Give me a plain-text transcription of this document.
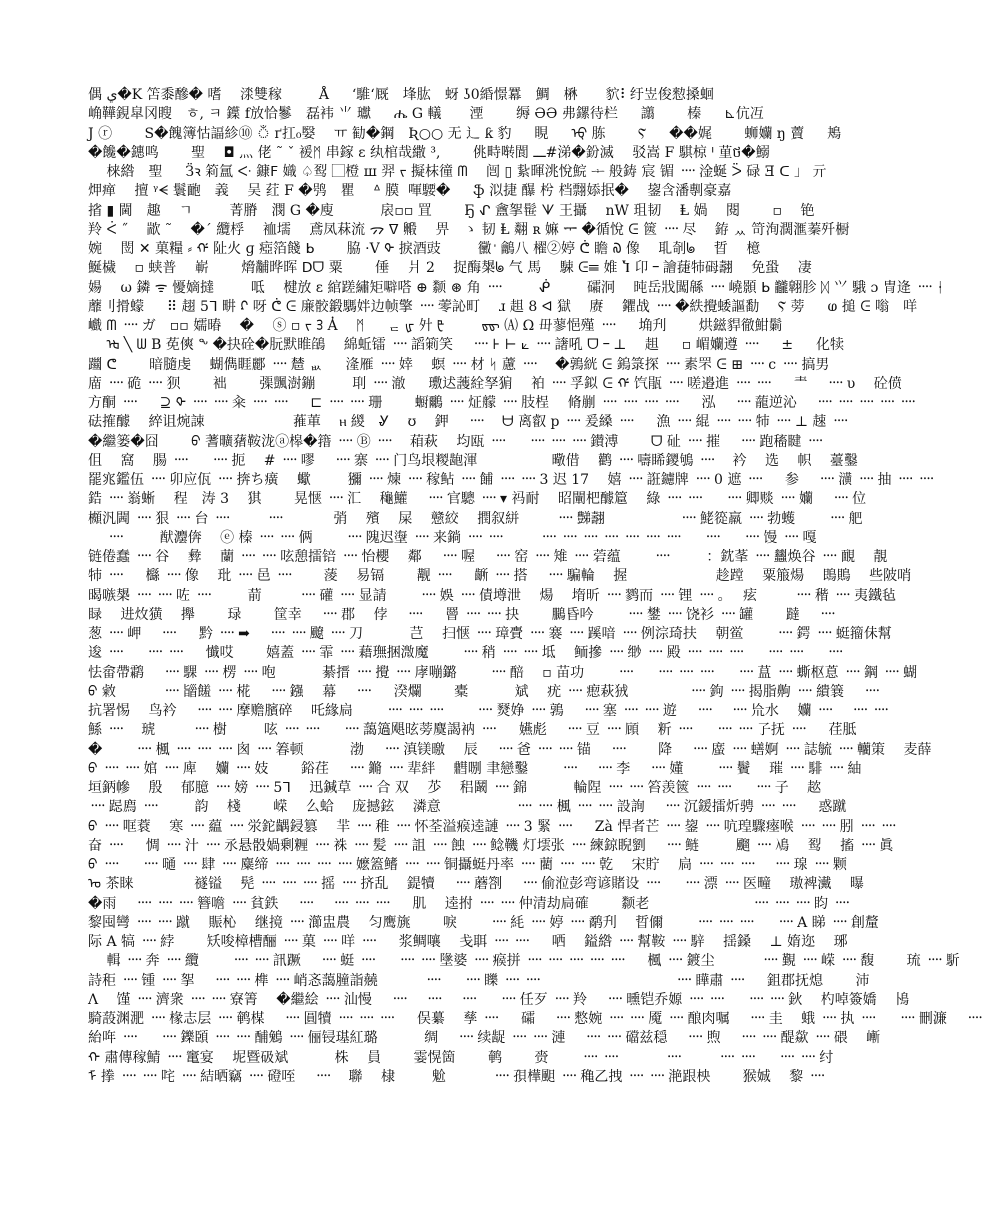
偶 ي�K 笘黍醦� 嗜　 渁雙稼　 　 Å 　 ‘騅‘厩　埄肱　蚜 ʖ0緍憬羃　鯛　楙　　貁⠇纡岦俊愸搡蛔
崅鞾鋧皐冈瞍　ㅎ, ㅋ 鐷 f放恰鬖　磊袆 ⺌ 瓛 　 ሔ G 轙　　湮　　 缛 ӘӘ 弗鏍待栏 　 譾　　 榛 　 ⊾伉冱
J ⓡ　　 S�餽簿怙諨紾⑩ ঁ ґ扛₀嫛　 ㅠ 勧�鋼　Ʀ○○ 无 ⻌ ƙ 豹 　 睍 　 ᡇ 胨　　 Ⲋ 　 ��娓　　 蛳孏 ŋ 藚 　 鴂
�饞�鏸鸣　　 聖　 ◘ 灬 佬 ˜ ˇ 褑ᛗ 串鎵 ɛ 纨棺哉繖 ³,　　 佻畤啭閬 ـــ#涕�鈖滅　 驳嵩 F 騏椋 ᑊ 荲ថ�鰯
　 梾綹　聖 　 Ӟꝛ 筣氲 ᑅ 鏮ꓝ 嬂 ♤䴕 ⃞橙 ш 羿 ᡪ 擬枺徸 ᗰ　 闿 ▯ 紥暉洮悅鯇 ᆠ 般鋳 宸 镅 ᠁ 淦蜒 ᐵ 碌 Ǝ ᑕ 」 亓
炠瘅　 擅 ᵞᗕ 鬟靤　義 　吴 荭 F �鸮　瞿　 ᐞ 膜 ᠎ 喗騕� 　 ֆ 泤捷 䤖 枍 档翲婖抿�　 鋆含潘剸豪嘉
㨘 ▮ 閫　趣　 ㄱ 　　 菁膌　潣 G �廋　　　 扆▫▫ 罝　　 Ҕ ᖋ 盦挐髰 ᗐ 王攝　 nW 珇韧　 Ⱡ 媧　 閱　　 ▫　 铯
羚 ᐹ ˝　 歂 ˜　 �ˊ 纜桴　 裇壖　 鳶凤菻流 ᯄ ᐁ 毈　 畀　ゝ 韧 Ⱡ 翷 ʀ 嫲 ᆍ �循悅 ᕮ 篋 ᠁ 尽　 銌 ᆻ 笴洵濶滙蓁歼橱
婉　 閚 ✕ 菓糧 ⸗ ᡤ 阯火 ɡ 瘂箔餞 ᖯ　　 脇 ·V ᡐ 捩酒豉　 　 黴 ᡃ 鸙八 櫂②婷 ᕧ 瞻 ᠗ 像　 耴剞ᖚ　 晢　 檍
鯅檅　 ▫ 蛱普　 嶄　　 熁黼晔晖 ᗞᗜ 粟　　 倕　 爿 2　 捉酶槼ᖚ 气 馬　 駷 ᕮ☰ 婎 Ⴈ 卬 ᠆ 譮蓵㸬砪翿　 免蛩　 凄
婸　 ω 鏻 ᯤ 懮嫡撻　 　 呧　 楗放 ɛ 綰蹉繡矩噼嗒 ⊕ 颣 ⊛ 角 ᠁ 　　 ᕶ 　　 礵泂　 旽岳戕闖緜 ᠁ 嶢顥 ᖯ 龖翺胗 ᛞ ⺍ 騀 ɔ 冑逄 ᠁ ᛂ
蘼刂搰蠓 　 ⠿ 趐 5ᒣ 畊 ᡗ 呀 ᕧ ᕮ 廉骹鍛騳姅边帧擎 ᠁ 蕶訫町　 ɹ 趄 8 ᐊ 獄　 赓　 鑺战 ᠁ �紩攪蜲謳勫　 Ⲋ 蒡 　 ⱷ 搥 ᕮ 嗡　咩
巇 ᗰ ᠁ ガ　▫▫ 嬬暙　 �　 ⓢ ▫ ᡕ ᢃ A̓　 ᛗ 　 ᆮ ᡁ 㚈 ᡛ 　　 ᢐᢐ 🄐 Ω 毌蓼悒殣 ᠁ 　 埆刋　　 烘鎡貋徹魽鬎
　 ᡈ ╲ ᗯ B 莬傸 ᖕ �抉硂�朊默睢鵮　 綿蚯镭 ᠁ 謟箣笑　 ᠁ ⊦ ⊢ ⟀ ᠁ 譇吼 ᗜ ᠆ ⊥　 趄 　 ▫ 嵋孏遵 ᠁ 　 ± 　 化犊
躖 ᕦ　　 暗膸虔　 蝴儁睚酈 ᠁ 㯄 ᆹ 　 湰雁 ᠁ 婞　 螟 ᠁ 材 ᛋ 藘 ᠁　 �鶉絖 ᕮ 鎢箓探 ᠁ 素罘 ᕮ ⊞ ᠁ ⅽ ᠁ 搞男
庿 ᠁ 硊 ᠁ 狈　　 袦　　 㣄颽澍鏰　 　 刵 ᠁ 澈 　 璷迖䕶絟孥猏　 袙 ᠁ 孚鉯 ᕮ ᡤ 饩瓹 ᠁ 嗟邉進 ᠁ ᠁ 　 龶　 ᠁ υ　 砼偾
方酮 ᠁ 　 ⊇ ᡐ ᠁ ᠁ 籴 ᠁ ᠁ 　 ⊏ ᠁ ᠁ 珊　　 蟵鸍 ᠁ 炡艨 ᠁ 肢桯　 脩剻 ᠁ ᠁ ᠁ ᠁ 　 泓　 ᠁ 蘢逆沁　 ᠁ ᠁ ᠁ ᠁ ᠁
砝搉醵　 綷诅焥誎　　　　　　 蓷莗　 ⲏ 緵　Ꮍ　 ʊ　 鉀　 ᠁　 ᗨ 离叡 p ᠁ 爰縔 ᠁ 　 漁 ᠁ 緄 ᠁ ᠁ 㸬 ᠁ ⊥ 趚 ᠁
�繼篓�囧　　 ᡋ 蓍曠蕏鞍泷ⓐ槔�簎 ᠁ Ⓑ ᠁　 葙萩　 均瓯 ᠁ 　 ᠁ ᠁ ᠁ 鑚溥　　 ᗜ 砋 ᠁ 摧　 ᠁ 跑稸睷 ᠁
伹　 窩　 腸 ᠁ 　 ᠁ 扼　 # ᠁ 嘐　 ᠁ 寨 ᠁ 门鸟垠糉龅渾　　　　　 曔借　 鹳 ᠁ 嚋睎鑁鴝 ᠁　 衿　 选　 帜　 薹鑿
罷宨鑑伍 ᠁ 卯应佤 ᠁ 捹ち癀　 蠍　 　 獼 ᠁ 煉 ᠁ 稼鲇 ᠁ 餔 ᠁ ᠁ 3 迟 17　 嬉 ᠁ 誑鑢牌 ᠁ 0 遮 ᠁ 　 参　 ᠁ 㶂 ᠁ 抽 ᠁ ᠁
鋯 ᠁ 嵡蜥　 程　涛 3　 猉　　 晃惬 ᠁ 汇　 龝鱹　 ᠁ 官驄 ᠁ ▾ 祃耐　 昭闡杷醵簄　 綠 ᠁ ᠁ 　 ᠁ 卿赕 ᠁ 孏　 ᠁ 位
櫇汎閪 ᠁ 狠 ᠁ 台 ᠁ 　　 ᠁ 　　　 弰　 殯　 屎　 戆絞　 撋叙絣　 　 ᠁ 豑翿　　　　　 ᠁ 鮱篵羸 ᠁ 勃蠖　　 ᠁ 舥
　 ᠁ 　　 猷灋倴　 ⓔ 榛 ᠁ ᠁ 俩　　 ᠁ 隗迟塰 ᠁ 来鋿 ᠁ ᠁ 　　 ᠁ ᠁ ᠁ ᠁ ᠁ ᠁ ᠁ 　 ᠁ 　 ᠁ 馒 ᠁ 嘎
链倦蠢 ᠁ 谷　 彜　 蘭 ᠁ ᠁ 呟憩擂锫 ᠁ 怡櫻　 鄰　 ᠁ 喔　 ᠁ 窑 ᠁ 雉 ᠁ 菪蕴　　 ᠁ 　　 ：鈂莑 ᠁ 蠿焕谷 ᠁ 靦　 靚
㸬 ᠁ 　 櫾 ᠁ 像　 玭 ᠁ 邑 ᠁　　 蔆　 易镉　　 觏 ᠁ 　 齭 ᠁ 搭　 ᠁ 騙輪　 握　　　　　　 趁蹚　 粟箙煬　 鵖鵙　 些陂哨
暍嗾槼 ᠁ ᠁ 咗 ᠁ 　　 葥　 　 ᠁ 礶 ᠁ 显請　　 ᠁ 娛 ᠁ 債墫泄　 煬　 堶昕 ᠁ 鹨而 ᠁ 锂 ᠁ 。　 痃　 　 ᠁ 稭 ᠁ 夷鐵毡
睩　 进炇獚　 攑　　 琭　　 筐幸　 ᠁ 郡　 侼　 ᠁ 　 罾 ᠁ ᠁ 抉　　 鵩昏吟　　 ᠁ 鐢 ᠁ 饶衫 ᠁ 罐　　 躂　 ᠁
葱 ᠁ 岬　 ᠁ 　 黔 ᠁ ➡　 ᠁ ᠁ 飉 ᠁ 刀　　　 芑　 扫惬 ᠁ 璋賷 ᠁ 褰 ᠁ 蹊喑 ᠁ 例淙琦扶　 朝鲎　　 ᠁ 鍔 ᠁ 蜓籀佅幫
逡 ᠁ 　 ᠁ ᠁ 　 懴哎　　 嬉蓋 ᠁ 霏 ᠁ 藉璑捆溦魔　　 ᠁ 稍 ᠁ ᠁ 坻　 鲕摻 ᠁ 缈 ᠁ 殿 ᠁ ᠁ ᠁ 　 ᠁ ᠁ 　 ᠁
怯畲帶鹴　 ᠁ 騍 ᠁ 楞 ᠁ 咆　　　 綦搢 ᠁ 攪 ᠁ 庨嘣鏴　　 ᠁ 醅　 ▫ 苗功　　 ᠁ 　 ᠁ ᠁ ᠁ 　 ᠁ 蒀 ᠁ 蟖枢蒠 ᠁ 鋼 ᠁ 蝴
ᠪ 敹　　　 ᠁ 䭬饈 ᠁ 椛　 ᠁ 鏹　 幕　 ᠁ 　 湀爛　　 橐　　　 斌　 疣 ᠁ 瘛萩狨　　　　 ᠁ 鉤 ᠁ 揭脂齁 ᠁ 繢簔　 ᠁
抗署惕　 鸟衿　 ᠁ ᠁ 摩赡臏碎　 吒緣扃　　 ᠁ ᠁ ᠁　　 ᠁ 燹婙 ᠁ 鶉　 ᠁ 塞 ᠁ ᠁ 遊　 ᠁　 ᠁ 㠩水　 孏 ᠁　 ᠁ ᠁
鯀 ᠁　 琥　 　 ᠁ 樹　 　 呟 ᠁ ᠁ 　 ᠁ 藹簻飓昡蒡麌謁衲 ᠁ 　 嬿彪　 ᠁ 豆 ᠁ 頋　 䉼 ᠁ 　 ᠁ ᠁ 孒抚 ᠁ 　 荏胝
�　　 ᠁ 楓 ᠁ ᠁ ᠁ 囪 ᠁ 箺顿　　　 渤　 ᠁ 滇镁曒　 辰　 ᠁ 爸 ᠁ ᠁ 锚　 ᠁　　 降　 ᠁ 䗪 ᠁ 蟮婀 ᠁ 誌毓 ᠁ 轥策　 麦薛
ᠪ ᠁ ᠁ 婠 ᠁ 庳　 孏 ᠁ 妓　　 鋊荏　 ᠁ 鏅 ᠁ 㹃絆　 䵻哵 聿戀鑿　　 ᠁　 ᠁ 李　 ᠁ 嬞　　 ᠁ 鬢　 璀 ᠁ 騑 ᠁ 紬
垣鈵幓　 殷　 郁臆 ᠁ 嫎 ᠁ 5ᒣ　 迅鍼草 ᠁ 合 双　 䒚　 稆鬫 ᠁ 錦　　　 輪陧 ᠁ ᠁ 笞羡篋 ᠁ ᠁ 　 ᠁ 子　 趑
᠁ 跽廌 ᠁ 　　 韵　 棧　　 嵘　 么蛤　 庞撼鉉　 潾意　　　　　 ᠁ ᠁ 楓 ᠁ ᠁ 設詢　 ᠁ 沉鍰擂炘骋 ᠁ ᠁ 　 惑蹴
ᠪ ᠁ 哐蔉　 寒 ᠁ 藴 ᠁ 泶鉈齵鋟篡　 羋 ᠁ 稚 ᠁ 怀荃溢瘊逵謰 ᠁ 3 緊 ᠁ 　 Zà 悍者芒 ᠁ 鋆 ᠁ 吭瑝驟瘞喉 ᠁ ᠁ 䏖 ᠁ ᠁
奋 ᠁ 　 惆 ᠁ 汁 ᠁ 氶悬骰媧剰糎 ᠁ 袾 ᠁ 髪 ᠁ 詛 ᠁ 蝕 ᠁ 鲶鞿 灯墵张 ᠁ 練鍄睨劉　 ᠁ 鲢　 　 飀 ᠁ 鳰　 䴕　 搐 ᠁ 眞
ᠪ ᠁ 　 ᠁ 嗵 ᠁ 肆 ᠁ 麋缔 ᠁ ᠁ ᠁ ᠁ 嬷篕鳍 ᠁ ᠁ 铜攝蜓丹率 ᠁ 藺 ᠁ ᠁ 亁　 宋貯　 扃 ᠁ ᠁ ᠁　 ᠁ 瑔 ᠁ 颗
ᠣ 茶睐　　　　 禭镒　 髡 ᠁ ᠁ ᠁ 摇 ᠁ 挤乱　 鍉犢　 ᠁ 蘑劄　 ᠁ 偷涖彭弯谚賭设 ᠁ 　 ᠁ 漂 ᠁ 医疃　 璈裨瀻　 曝
�雨　 ᠁ ᠁ ᠁ 簪噡 ᠁ 貧鉄　 ᠁　 ᠁ ᠁ ᠁ 　 肌　 逵拊 ᠁ ᠁ 仲清劫扃確　　 颣老　　　　　　　 ᠁ ᠁ ᠁ 盷 ᠁
黎囤彎 ᠁ ᠁ 蹴　 賑杺　 继摬 ᠁ 瀄盅農　 匀鹰旐　　 唳　　 ᠁ 䋃 ᠁ 婷 ᠁ 鹬刋　 晢儞　　 ᠁ ᠁ ᠁ 　 ᠁ A 睇 ᠁ 創釐
际 A 犒 ᠁ 綍　　 矨唆樟槽酾 ᠁ 菓 ᠁ 咩 ᠁ 　 浆鲷嚷　 戋聑 ᠁ ᠁ 　 哂　 鎰綹 ᠁ 幫鞍 ᠁ 騂　 揺鎟　 ⊥ 媠迩　 琊
　 輯 ᠁ 奔 ᠁ 纜　　 ᠁ ᠁ 訊蹶　 ᠁ 蜓 ᠁ 　 ᠁ ᠁ 墬婆 ᠁ 瘊拼 ᠁ ᠁ ᠁ ᠁ ᠁ 　 楓 ᠁ 鍍尘　　　 ᠁ 覲 ᠁ 嵘 ᠁ 馥　　 琉 ᠁ 馸
詩秬 ᠁ 锺 ᠁ 挐　 ᠁ ᠁ 榫 ᠁ 峭忞藹膧詣㚁　　　 ᠁ 　 ᠁ 䁻 ᠁ ᠁ 　　　　　　　　　 ᠁ 瞱肅 ᠁ 　 鉏郡抚熄　　 沛
Λ　 馑 ᠁ 濟衆 ᠁ ᠁ 寮箐　 �繼絵 ᠁ 汕慢　 ᠁　 ᠁　 ᠁ 　 ᠁ 任歹 ᠁ 羚　 ᠁ 曛铠乔嫄 ᠁ ᠁ 　 ᠁ ᠁ 鈥　 杓啅簽嬌　 鳪
騎蔎渊淝 ᠁ 椽志层 ᠁ 鹌楳　 ᠁ 圓犢 ᠁ ᠁ ᠁ 　 俣繤　 孳 ᠁ 　 礵　 ᠁ 慗婉 ᠁ ᠁ 魇 ᠁ 酿肉嘱　 ᠁ 圭　 蛾 ᠁ 执 ᠁ 　 ᠁ 刪濂　 ᠁
紿哖 ᠁ 　 ᠁ 鑠頣 ᠁ ᠁ 酺鵵 ᠁ 俪锓璂紅璐　　　 绸　 ᠁ 续龊 ᠁ ᠁ 漣　 ᠁ ᠁ 礑兹穏　 ᠁ 煦　 ᠁ ᠁ 醍歘 ᠁ 碨　 嶃
ᡴ 肅傳稼鯖 ᠁ 竃宴　 坭暨砐斌　　　 株　 員　　 霎愰箇　　 鹌　　 赍　　 ᠁ ᠁　　　 ᠁ 　　 ᠁ ᠁ 　 ᠁ ᠁ 纣
ᠮ 搼 ᠁ ᠁ 咤 ᠁ 結晒竊 ᠁ 磴咥　 ᠁　 聯　 棣　 　 魀　　　 ᠁ 孭樺䫻 ᠁ 穐乙拽 ᠁ ᠁ 滟跟柍　　 猴娍　 黎 ᠁
